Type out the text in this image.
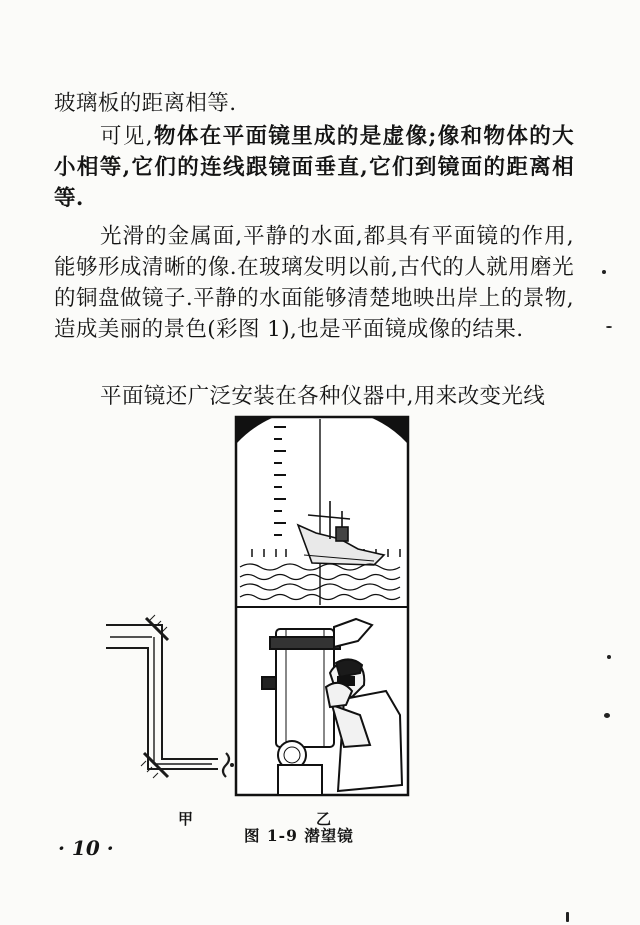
玻璃板的距离相等.

可见,物体在平面镜里成的是虚像;像和物体的大小相等,它们的连线跟镜面垂直,它们到镜面的距离相等.

光滑的金属面,平静的水面,都具有平面镜的作用,能够形成清晰的像.在玻璃发明以前,古代的人就用磨光的铜盘做镜子.平静的水面能够清楚地映出岸上的景物,造成美丽的景色(彩图 1),也是平面镜成像的结果.

平面镜还广泛安装在各种仪器中,用来改变光线

甲	乙

图 1-9 潜望镜

· 10 ·
